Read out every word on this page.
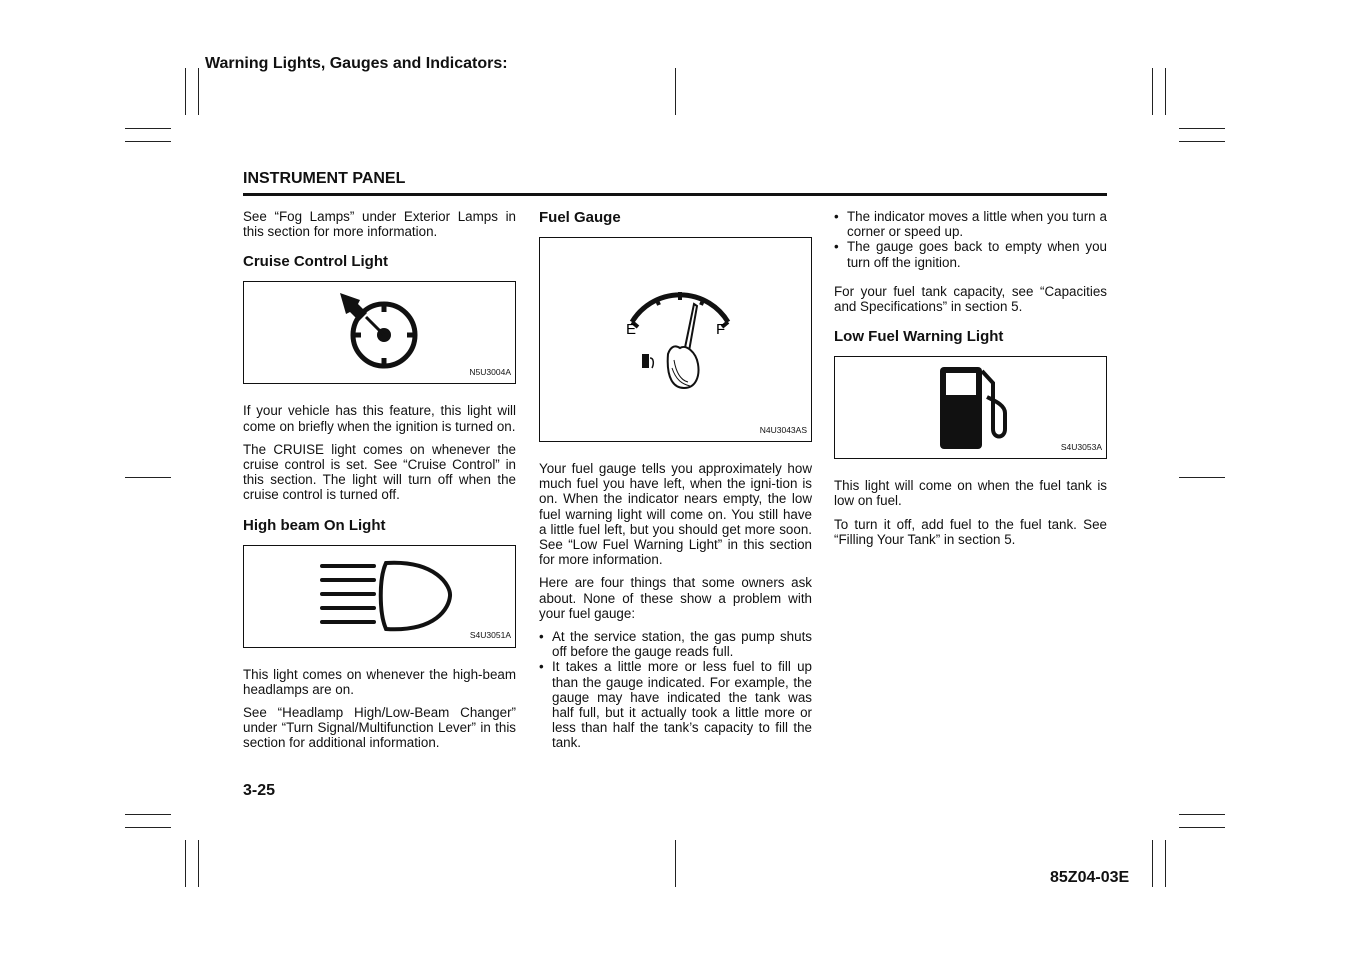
Warning Lights, Gauges and Indicators:
INSTRUMENT PANEL

See “Fog Lamps” under Exterior Lamps in this section for more information.

Cruise Control Light
N5U3004A

If your vehicle has this feature, this light will come on briefly when the ignition is turned on.

The CRUISE light comes on whenever the cruise control is set. See “Cruise Control” in this section. The light will turn off when the cruise control is turned off.

High beam On Light
S4U3051A

This light comes on whenever the high-beam headlamps are on.

See “Headlamp High/Low-Beam Changer” under “Turn Signal/Multifunction Lever” in this section for additional information.

Fuel Gauge
E	F
N4U3043AS

Your fuel gauge tells you approximately how much fuel you have left, when the igni-tion is on. When the indicator nears empty, the low fuel warning light will come on. You still have a little fuel left, but you should get more soon. See “Low Fuel Warning Light” in this section for more information.

Here are four things that some owners ask about. None of these show a problem with your fuel gauge:

• At the service station, the gas pump shuts off before the gauge reads full.
• It takes a little more or less fuel to fill up than the gauge indicated. For example, the gauge may have indicated the tank was half full, but it actually took a little more or less than half the tank’s capacity to fill the tank.
• The indicator moves a little when you turn a corner or speed up.
• The gauge goes back to empty when you turn off the ignition.

For your fuel tank capacity, see “Capacities and Specifications” in section 5.

Low Fuel Warning Light
S4U3053A

This light will come on when the fuel tank is low on fuel.

To turn it off, add fuel to the fuel tank. See “Filling Your Tank” in section 5.

3-25
85Z04-03E
